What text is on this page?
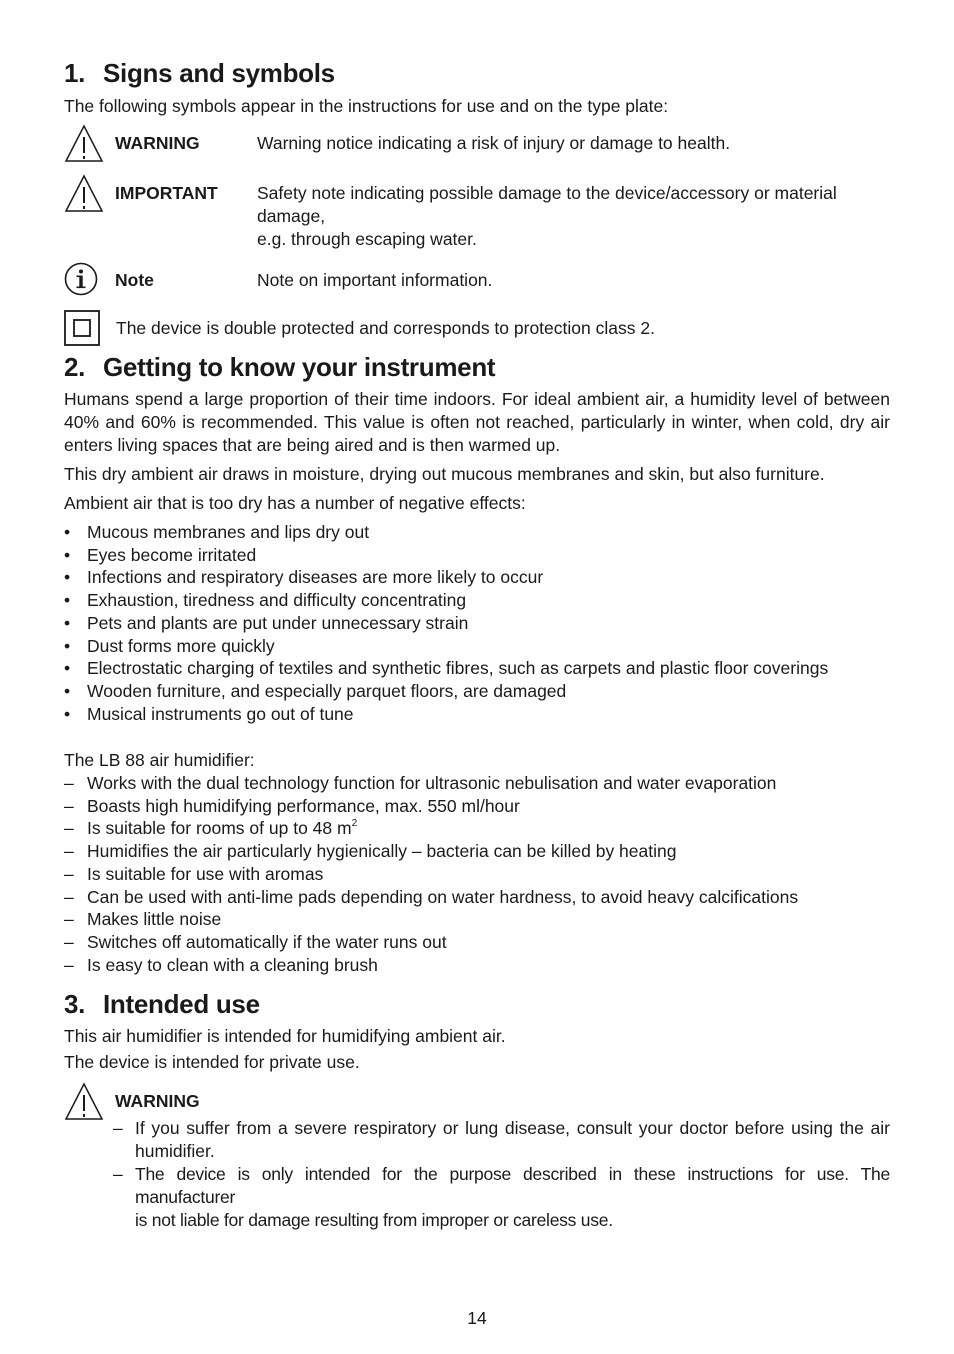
1. Signs and symbols
The following symbols appear in the instructions for use and on the type plate:
WARNING	Warning notice indicating a risk of injury or damage to health.
IMPORTANT Safety note indicating possible damage to the device/accessory or material
damage,
e.g. through escaping water.
Note	Note on important information.
The device is double protected and corresponds to protection class 2.
2. Getting to know your instrument
Humans spend a large proportion of their time indoors. For ideal ambient air, a humidity level of between
40% and 60% is recommended. This value is often not reached, particularly in winter, when cold, dry air
enters living spaces that are being aired and is then warmed up.
This dry ambient air draws in moisture, drying out mucous membranes and skin, but also furniture.
Ambient air that is too dry has a number of negative effects:
• Mucous membranes and lips dry out
• Eyes become irritated
• Infections and respiratory diseases are more likely to occur
• Exhaustion, tiredness and difficulty concentrating
• Pets and plants are put under unnecessary strain
• Dust forms more quickly
• Electrostatic charging of textiles and synthetic fibres, such as carpets and plastic floor coverings
• Wooden furniture, and especially parquet floors, are damaged
• Musical instruments go out of tune
The LB 88 air humidifier:
– Works with the dual technology function for ultrasonic nebulisation and water evaporation
– Boasts high humidifying performance, max. 550 ml/hour
– Is suitable for rooms of up to 48 $m^2$
– Humidifies the air particularly hygienically – bacteria can be killed by heating
– Is suitable for use with aromas
– Can be used with anti-lime pads depending on water hardness, to avoid heavy calcifications
– Makes little noise
– Switches off automatically if the water runs out
– Is easy to clean with a cleaning brush
3. Intended use
This air humidifier is intended for humidifying ambient air.
The device is intended for private use.
WARNING
– If you suffer from a severe respiratory or lung disease, consult your doctor before using the air
humidifier.
– The device is only intended for the purpose described in these instructions for use. The manufacturer
is not liable for damage resulting from improper or careless use.
14
